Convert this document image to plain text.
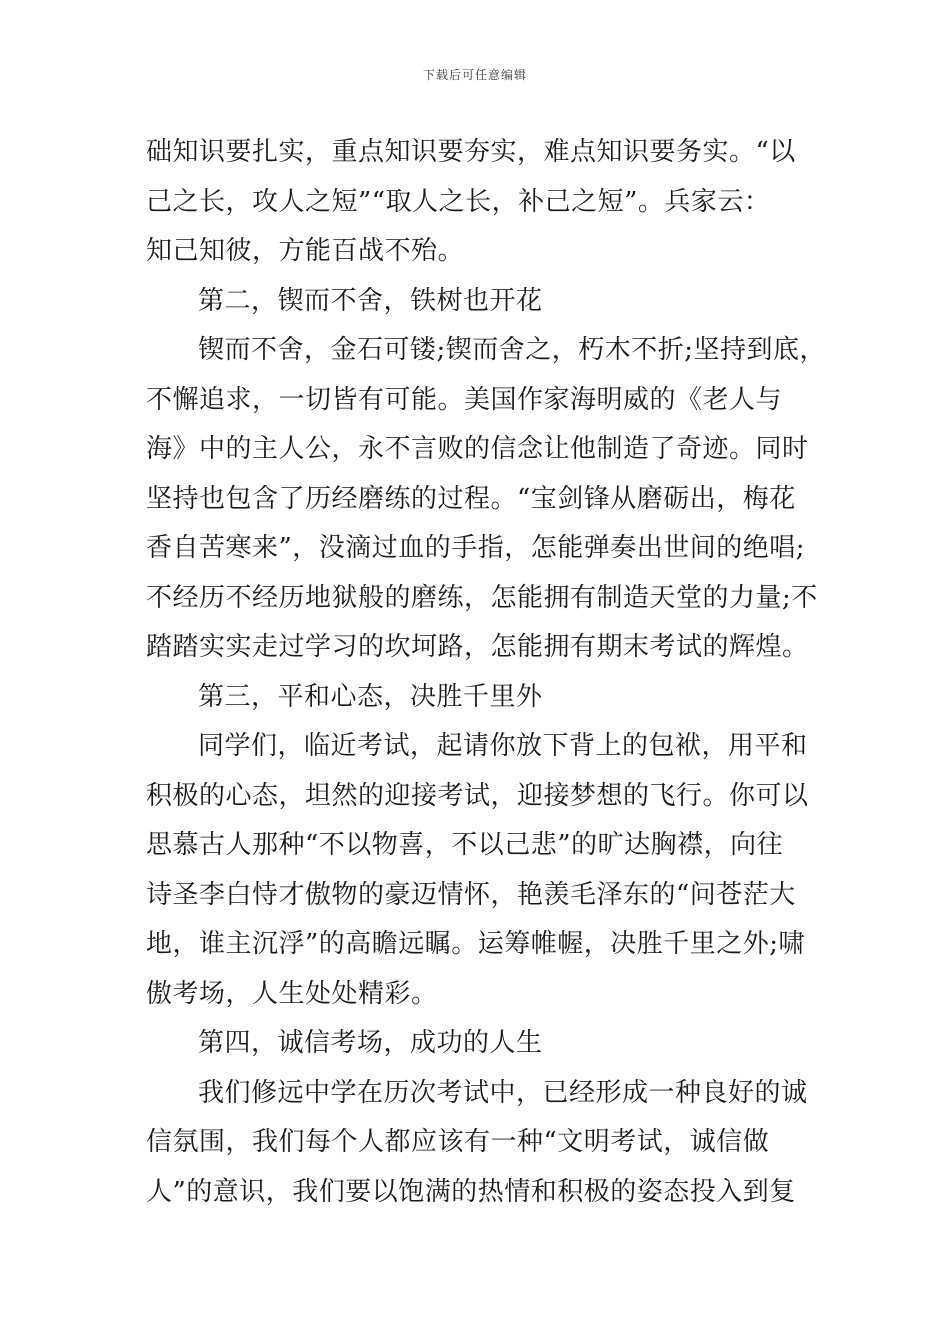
下载后可任意编辑
础知识要扎实，重点知识要夯实，难点知识要务实。“以
己之长，攻人之短”“取人之长，补己之短”。兵家云：
知己知彼，方能百战不殆。
第二，锲而不舍，铁树也开花
锲而不舍，金石可镂;锲而舍之，朽木不折;坚持到底，
不懈追求，一切皆有可能。美国作家海明威的《老人与
海》中的主人公，永不言败的信念让他制造了奇迹。同时
坚持也包含了历经磨练的过程。“宝剑锋从磨砺出，梅花
香自苦寒来”，没滴过血的手指，怎能弹奏出世间的绝唱;
不经历不经历地狱般的磨练，怎能拥有制造天堂的力量;不
踏踏实实走过学习的坎坷路，怎能拥有期末考试的辉煌。
第三，平和心态，决胜千里外
同学们，临近考试，起请你放下背上的包袱，用平和
积极的心态，坦然的迎接考试，迎接梦想的飞行。你可以
思慕古人那种“不以物喜，不以己悲”的旷达胸襟，向往
诗圣李白恃才傲物的豪迈情怀，艳羡毛泽东的“问苍茫大
地，谁主沉浮”的高瞻远瞩。运筹帷幄，决胜千里之外;啸
傲考场，人生处处精彩。
第四，诚信考场，成功的人生
我们修远中学在历次考试中，已经形成一种良好的诚
信氛围，我们每个人都应该有一种“文明考试，诚信做
人”的意识，我们要以饱满的热情和积极的姿态投入到复
